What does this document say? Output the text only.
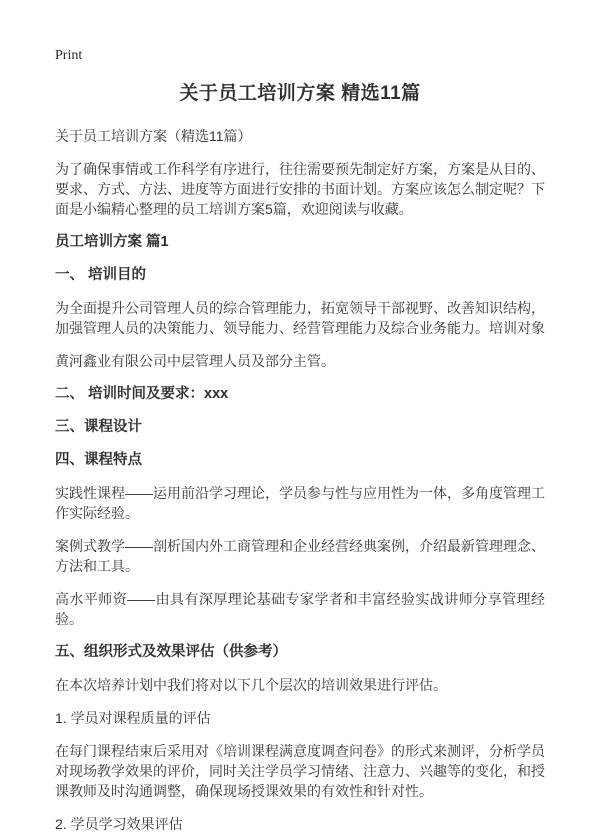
Print
关于员工培训方案 精选11篇

关于员工培训方案（精选11篇）

为了确保事情或工作科学有序进行，往往需要预先制定好方案，方案是从目的、要求、方式、方法、进度等方面进行安排的书面计划。方案应该怎么制定呢？下面是小编精心整理的员工培训方案5篇，欢迎阅读与收藏。

员工培训方案 篇1
一、 培训目的

为全面提升公司管理人员的综合管理能力，拓宽领导干部视野、改善知识结构，加强管理人员的决策能力、领导能力、经营管理能力及综合业务能力。培训对象

黄河鑫业有限公司中层管理人员及部分主管。

二、 培训时间及要求：xxx
三、课程设计
四、课程特点

实践性课程——运用前沿学习理论，学员参与性与应用性为一体，多角度管理工作实际经验。

案例式教学——剖析国内外工商管理和企业经营经典案例，介绍最新管理理念、方法和工具。

高水平师资——由具有深厚理论基础专家学者和丰富经验实战讲师分享管理经验。

五、组织形式及效果评估（供参考）

在本次培养计划中我们将对以下几个层次的培训效果进行评估。

1. 学员对课程质量的评估

在每门课程结束后采用对《培训课程满意度调查问卷》的形式来测评，分析学员对现场教学效果的评价，同时关注学员学习情绪、注意力、兴趣等的变化，和授课教师及时沟通调整，确保现场授课效果的有效性和针对性。

2. 学员学习效果评估
